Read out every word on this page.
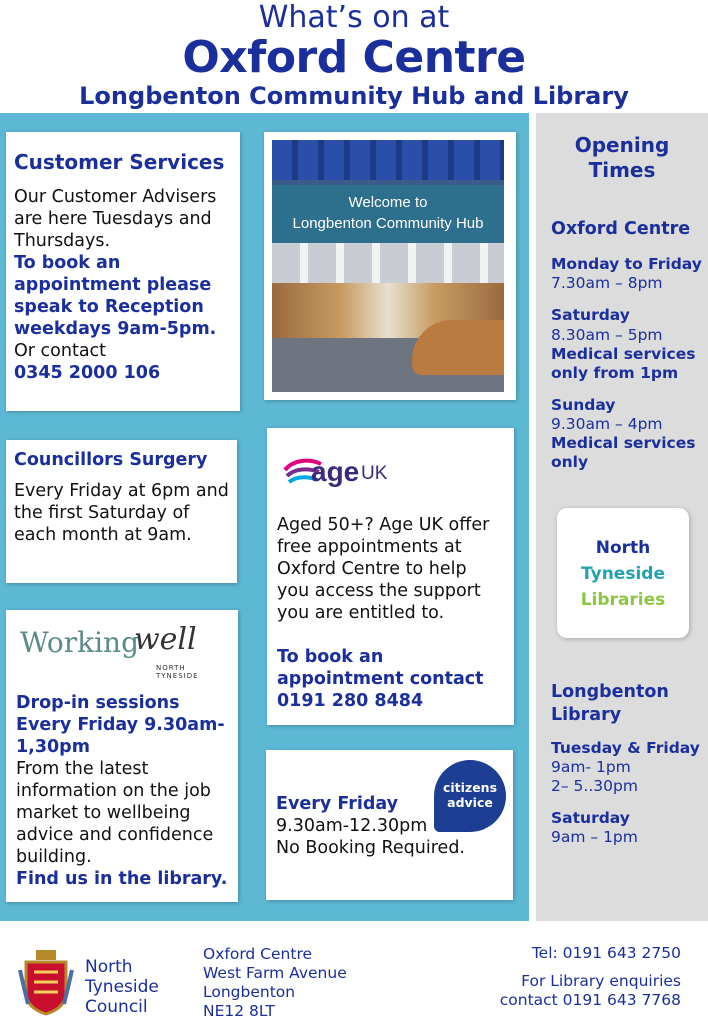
What’s on at
Oxford Centre
Longbenton Community Hub and Library
Customer Services
Our Customer Advisers are here Tuesdays and Thursdays.
To book an appointment please speak to Reception weekdays 9am-5pm.
Or contact
0345 2000 106
Welcome to
Longbenton Community Hub
Councillors Surgery
Every Friday at 6pm and the first Saturday of each month at 9am.
age UK
Aged 50+? Age UK offer free appointments at Oxford Centre to help you access the support you are entitled to.
To book an appointment contact 0191 280 8484
Working
well
NORTH TYNESIDE
Drop-in sessions Every Friday 9.30am-1,30pm
From the latest information on the job market to wellbeing advice and confidence building.
Find us in the library.
citizens
advice
Every Friday
9.30am-12.30pm
No Booking Required.
Opening
Times
Oxford Centre
Monday to Friday
7.30am – 8pm
Saturday
8.30am – 5pm
Medical services only from 1pm
Sunday
9.30am – 4pm
Medical services only
North
Tyneside
Libraries
Longbenton
Library
Tuesday & Friday
9am- 1pm
2– 5..30pm
Saturday
9am – 1pm
North
Tyneside
Council
Oxford Centre
West Farm Avenue
Longbenton
NE12 8LT
Tel: 0191 643 2750
For Library enquiries
contact 0191 643 7768
